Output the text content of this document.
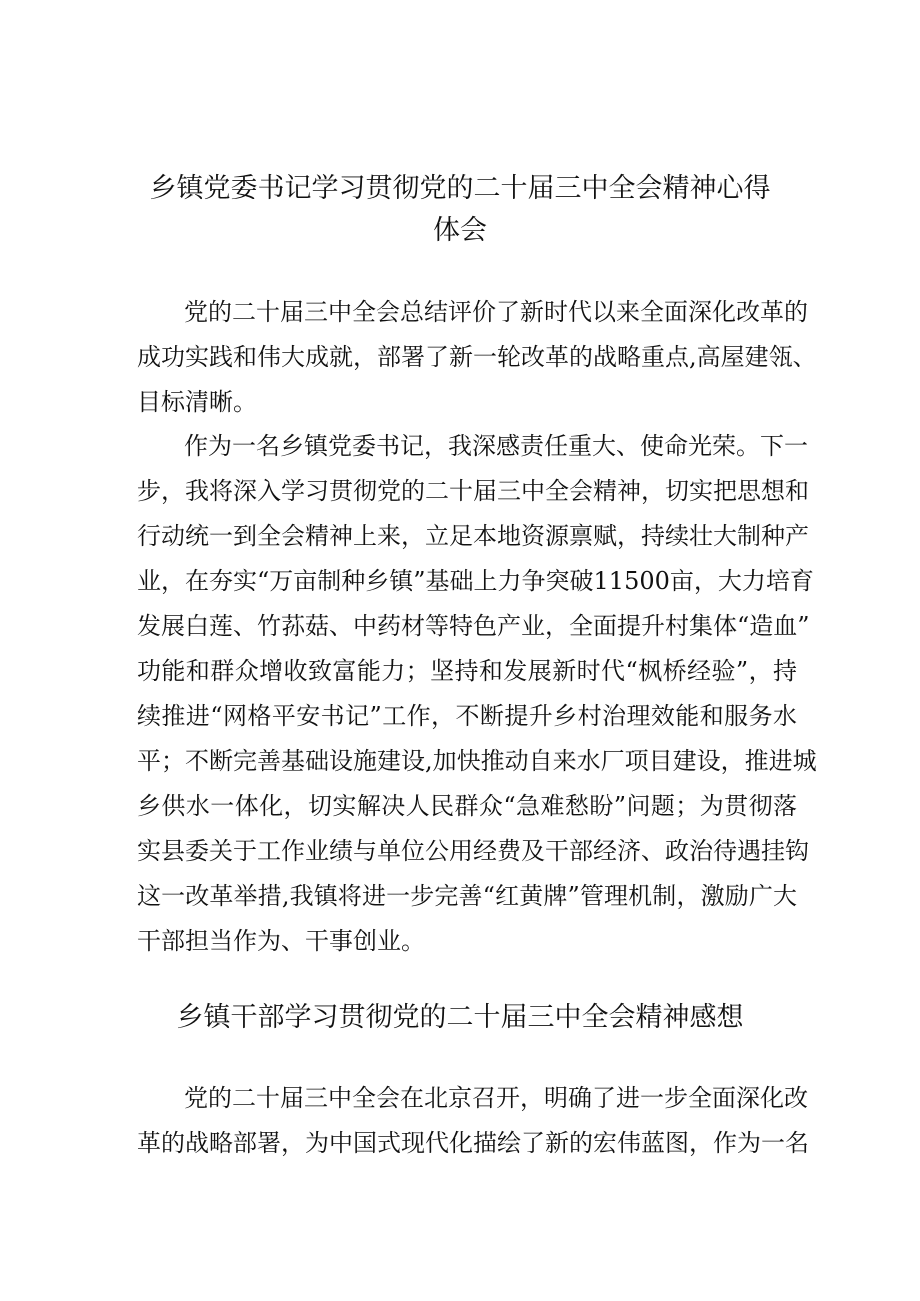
乡镇党委书记学习贯彻党的二十届三中全会精神心得
体会

党的二十届三中全会总结评价了新时代以来全面深化改革的
成功实践和伟大成就，部署了新一轮改革的战略重点,高屋建瓴、
目标清晰。

作为一名乡镇党委书记，我深感责任重大、使命光荣。下一
步，我将深入学习贯彻党的二十届三中全会精神，切实把思想和
行动统一到全会精神上来，立足本地资源禀赋，持续壮大制种产
业，在夯实“万亩制种乡镇”基础上力争突破11500亩，大力培育
发展白莲、竹荪菇、中药材等特色产业，全面提升村集体“造血”
功能和群众增收致富能力；坚持和发展新时代“枫桥经验”，持
续推进“网格平安书记”工作，不断提升乡村治理效能和服务水
平；不断完善基础设施建设,加快推动自来水厂项目建设，推进城
乡供水一体化，切实解决人民群众“急难愁盼”问题；为贯彻落
实县委关于工作业绩与单位公用经费及干部经济、政治待遇挂钩
这一改革举措,我镇将进一步完善“红黄牌”管理机制，激励广大
干部担当作为、干事创业。

乡镇干部学习贯彻党的二十届三中全会精神感想

党的二十届三中全会在北京召开，明确了进一步全面深化改
革的战略部署，为中国式现代化描绘了新的宏伟蓝图，作为一名
